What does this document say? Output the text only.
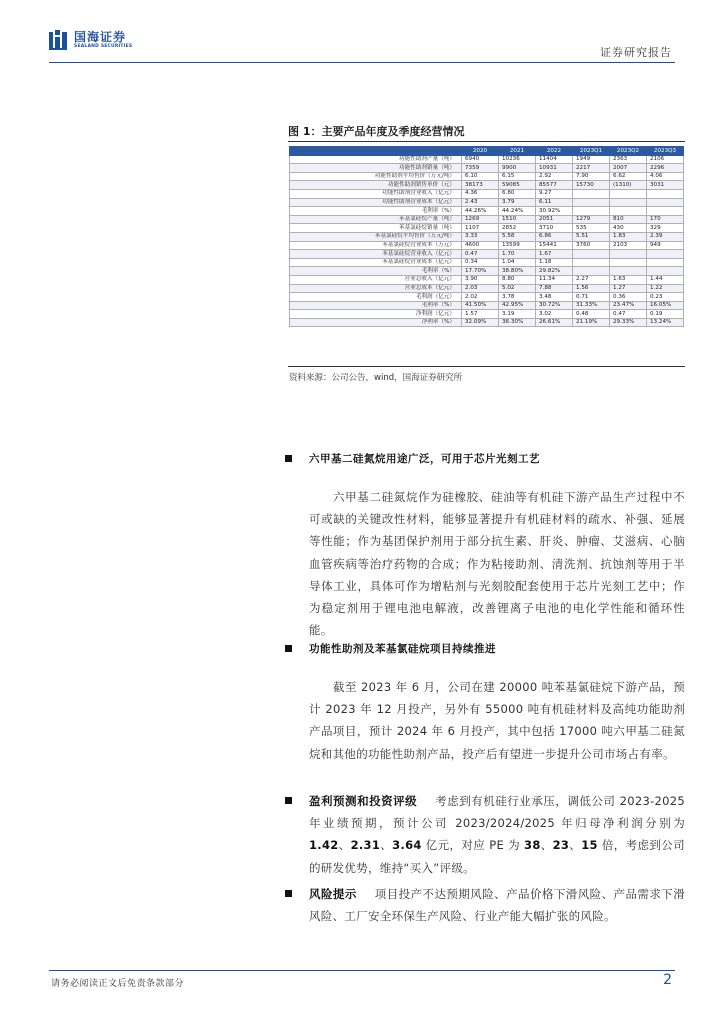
国海证券
SEALAND SECURITIES	证券研究报告
图 1：主要产品年度及季度经营情况
	2020	2021	2022	2023Q1	2023Q2	2023Q3
功能性助剂产量（吨）	6940	10236	11404	1949	2363	2106
功能性助剂销量（吨）	7359	9900	10931	2217	2007	2296
功能性助剂平均售价（万元/吨）	6.10	6.15	2.92	7.90	6.62	4.06
功能性助剂销售单价（元）	38173	59085	85577	15730	(1310)	3031
功能性助剂营业收入（亿元）	4.36	6.80	9.27			
功能性助剂营业成本（亿元）	2.43	3.79	6.11			
毛利率（%）	44.26%	44.24%	30.92%			
苯基氯硅烷产量（吨）	1269	1510	2051	1279	810	170
苯基氯硅烷销量（吨）	1107	2852	3710	535	430	329
苯基氯硅烷平均售价（万元/吨）	3.33	5.58	6.86	5.51	1.83	2.39
苯基氯硅烷营业成本（万元）	4600	13599	15441	3760	2103	949
苯基氯硅烷营业收入（亿元）	0.47	1.70	1.67			
苯基氯硅烷营业成本（亿元）	0.34	1.04	1.18			
毛利率（%）	17.70%	38.80%	29.82%			
营业总收入（亿元）	3.90	8.80	11.34	2.27	1.63	1.44
营业总成本（亿元）	2.03	5.02	7.88	1.56	1.27	1.22
毛利润（亿元）	2.02	3.78	3.48	0.71	0.36	0.23
毛利率（%）	41.50%	42.95%	30.72%	31.33%	23.47%	16.05%
净利润（亿元）	1.57	3.19	3.02	0.48	0.47	0.19
净利率（%）	32.09%	36.30%	26.61%	21.19%	29.33%	13.24%
资料来源：公司公告，wind，国海证券研究所
六甲基二硅氮烷用途广泛，可用于芯片光刻工艺
六甲基二硅氮烷作为硅橡胶、硅油等有机硅下游产品生产过程中不可或缺的关键改性材料，能够显著提升有机硅材料的疏水、补强、延展等性能；作为基团保护剂用于部分抗生素、肝炎、肿瘤、艾滋病、心脑血管疾病等治疗药物的合成；作为粘接助剂、清洗剂、抗蚀剂等用于半导体工业，具体可作为增粘剂与光刻胶配套使用于芯片光刻工艺中；作为稳定剂用于锂电池电解液，改善锂离子电池的电化学性能和循环性能。
功能性助剂及苯基氯硅烷项目持续推进
截至 2023 年 6 月，公司在建 20000 吨苯基氯硅烷下游产品，预计 2023 年 12 月投产，另外有 55000 吨有机硅材料及高纯功能助剂产品项目，预计 2024 年 6 月投产，其中包括 17000 吨六甲基二硅氮烷和其他的功能性助剂产品，投产后有望进一步提升公司市场占有率。
盈利预测和投资评级 考虑到有机硅行业承压，调低公司 2023-2025 年业绩预期，预计公司 2023/2024/2025 年归母净利润分别为 1.42、2.31、3.64 亿元，对应 PE 为 38、23、15 倍，考虑到公司的研发优势，维持“买入”评级。
风险提示 项目投产不达预期风险、产品价格下滑风险、产品需求下滑风险、工厂安全环保生产风险、行业产能大幅扩张的风险。
请务必阅读正文后免责条款部分	2
